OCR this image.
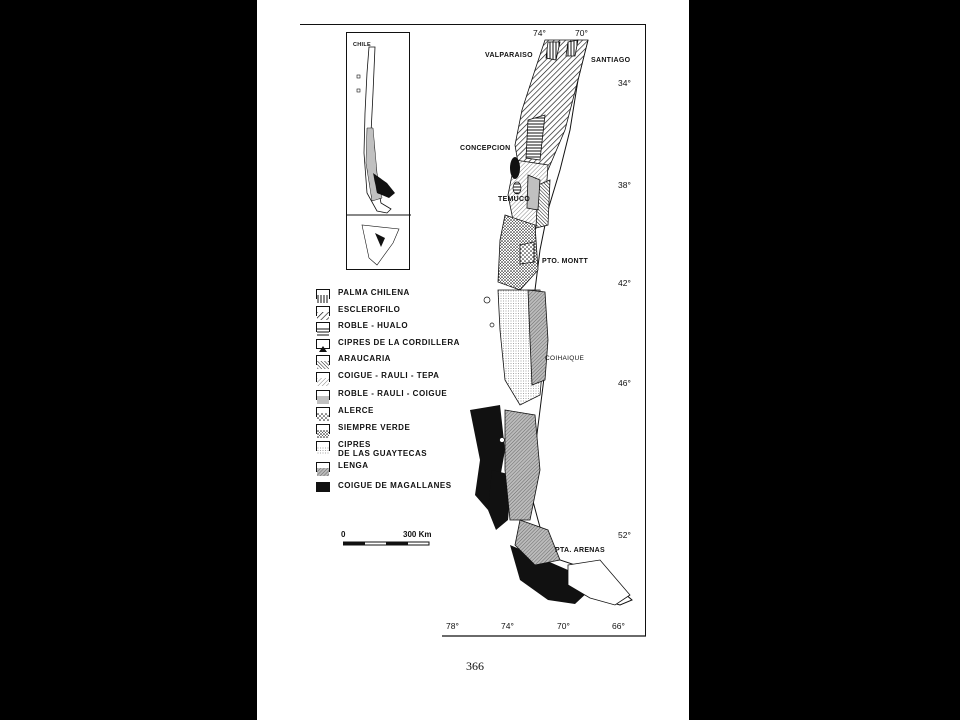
VALPARAISO
SANTIAGO
CONCEPCION
TEMUCO
PTO. MONTT
COIHAIQUE
PTA. ARENAS
74°	70°
34°
38°
42°
46°
52°
78°	74°	70°	66°
CHILE
PALMA CHILENA
ESCLEROFILO
ROBLE - HUALO
CIPRES DE LA CORDILLERA
ARAUCARIA
COIGUE - RAULI - TEPA
ROBLE - RAULI - COIGUE
ALERCE
SIEMPRE VERDE
CIPRES
DE LAS GUAYTECAS
LENGA
COIGUE DE MAGALLANES
0	300 Km
366
